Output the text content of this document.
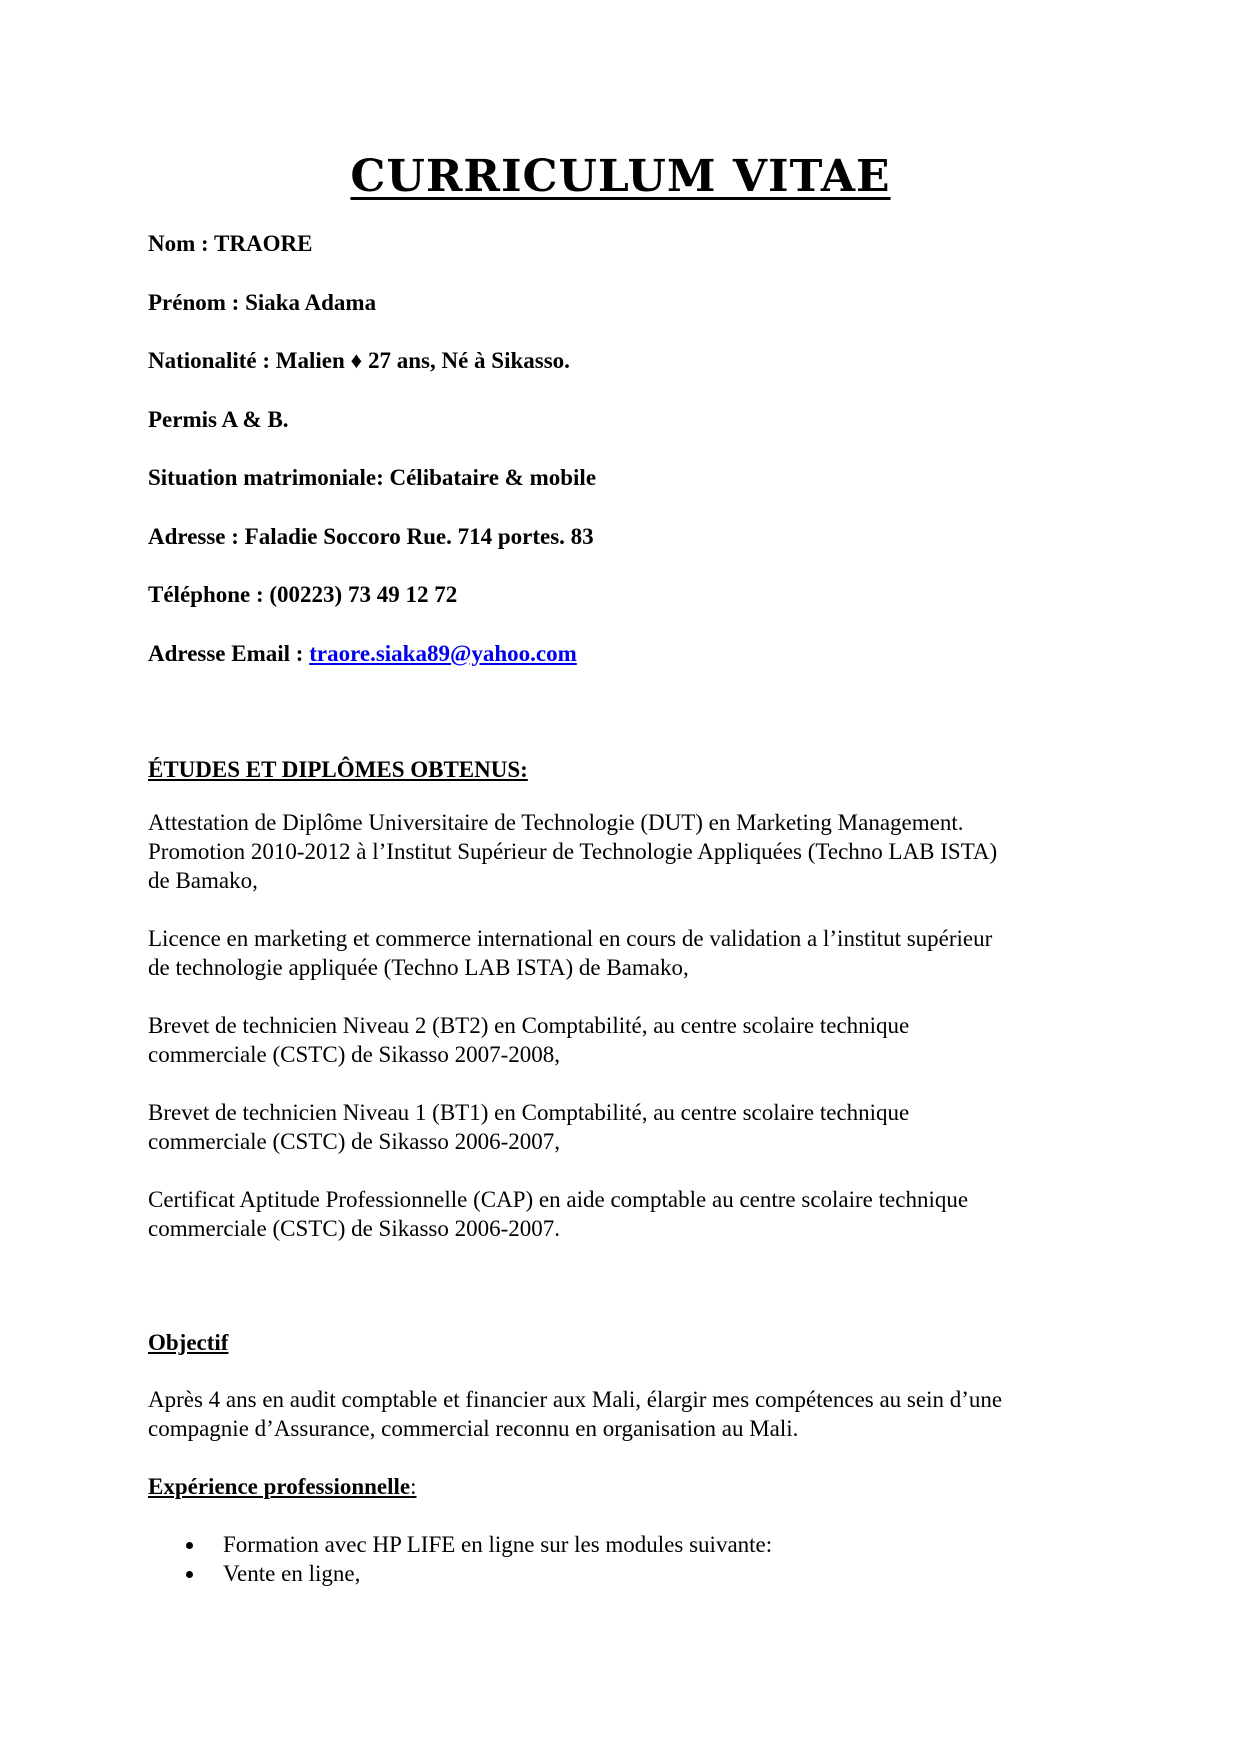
CURRICULUM VITAE
Nom : TRAORE
Prénom : Siaka Adama
Nationalité : Malien ♦ 27 ans, Né à Sikasso.
Permis A & B.
Situation matrimoniale: Célibataire & mobile
Adresse : Faladie Soccoro Rue. 714 portes. 83
Téléphone : (00223) 73 49 12 72
Adresse Email : traore.siaka89@yahoo.com
ÉTUDES ET DIPLÔMES OBTENUS:
Attestation de Diplôme Universitaire de Technologie (DUT) en Marketing Management.
Promotion 2010-2012 à l’Institut Supérieur de Technologie Appliquées (Techno LAB ISTA)
de Bamako,
Licence en marketing et commerce international en cours de validation a l’institut supérieur
de technologie appliquée (Techno LAB ISTA) de Bamako,
Brevet de technicien Niveau 2 (BT2) en Comptabilité, au centre scolaire technique
commerciale (CSTC) de Sikasso 2007-2008,
Brevet de technicien Niveau 1 (BT1) en Comptabilité, au centre scolaire technique
commerciale (CSTC) de Sikasso 2006-2007,
Certificat Aptitude Professionnelle (CAP) en aide comptable au centre scolaire technique
commerciale (CSTC) de Sikasso 2006-2007.
Objectif
Après 4 ans en audit comptable et financier aux Mali, élargir mes compétences au sein d’une
compagnie d’Assurance, commercial reconnu en organisation au Mali.
Expérience professionnelle:
Formation avec HP LIFE en ligne sur les modules suivante:
Vente en ligne,
